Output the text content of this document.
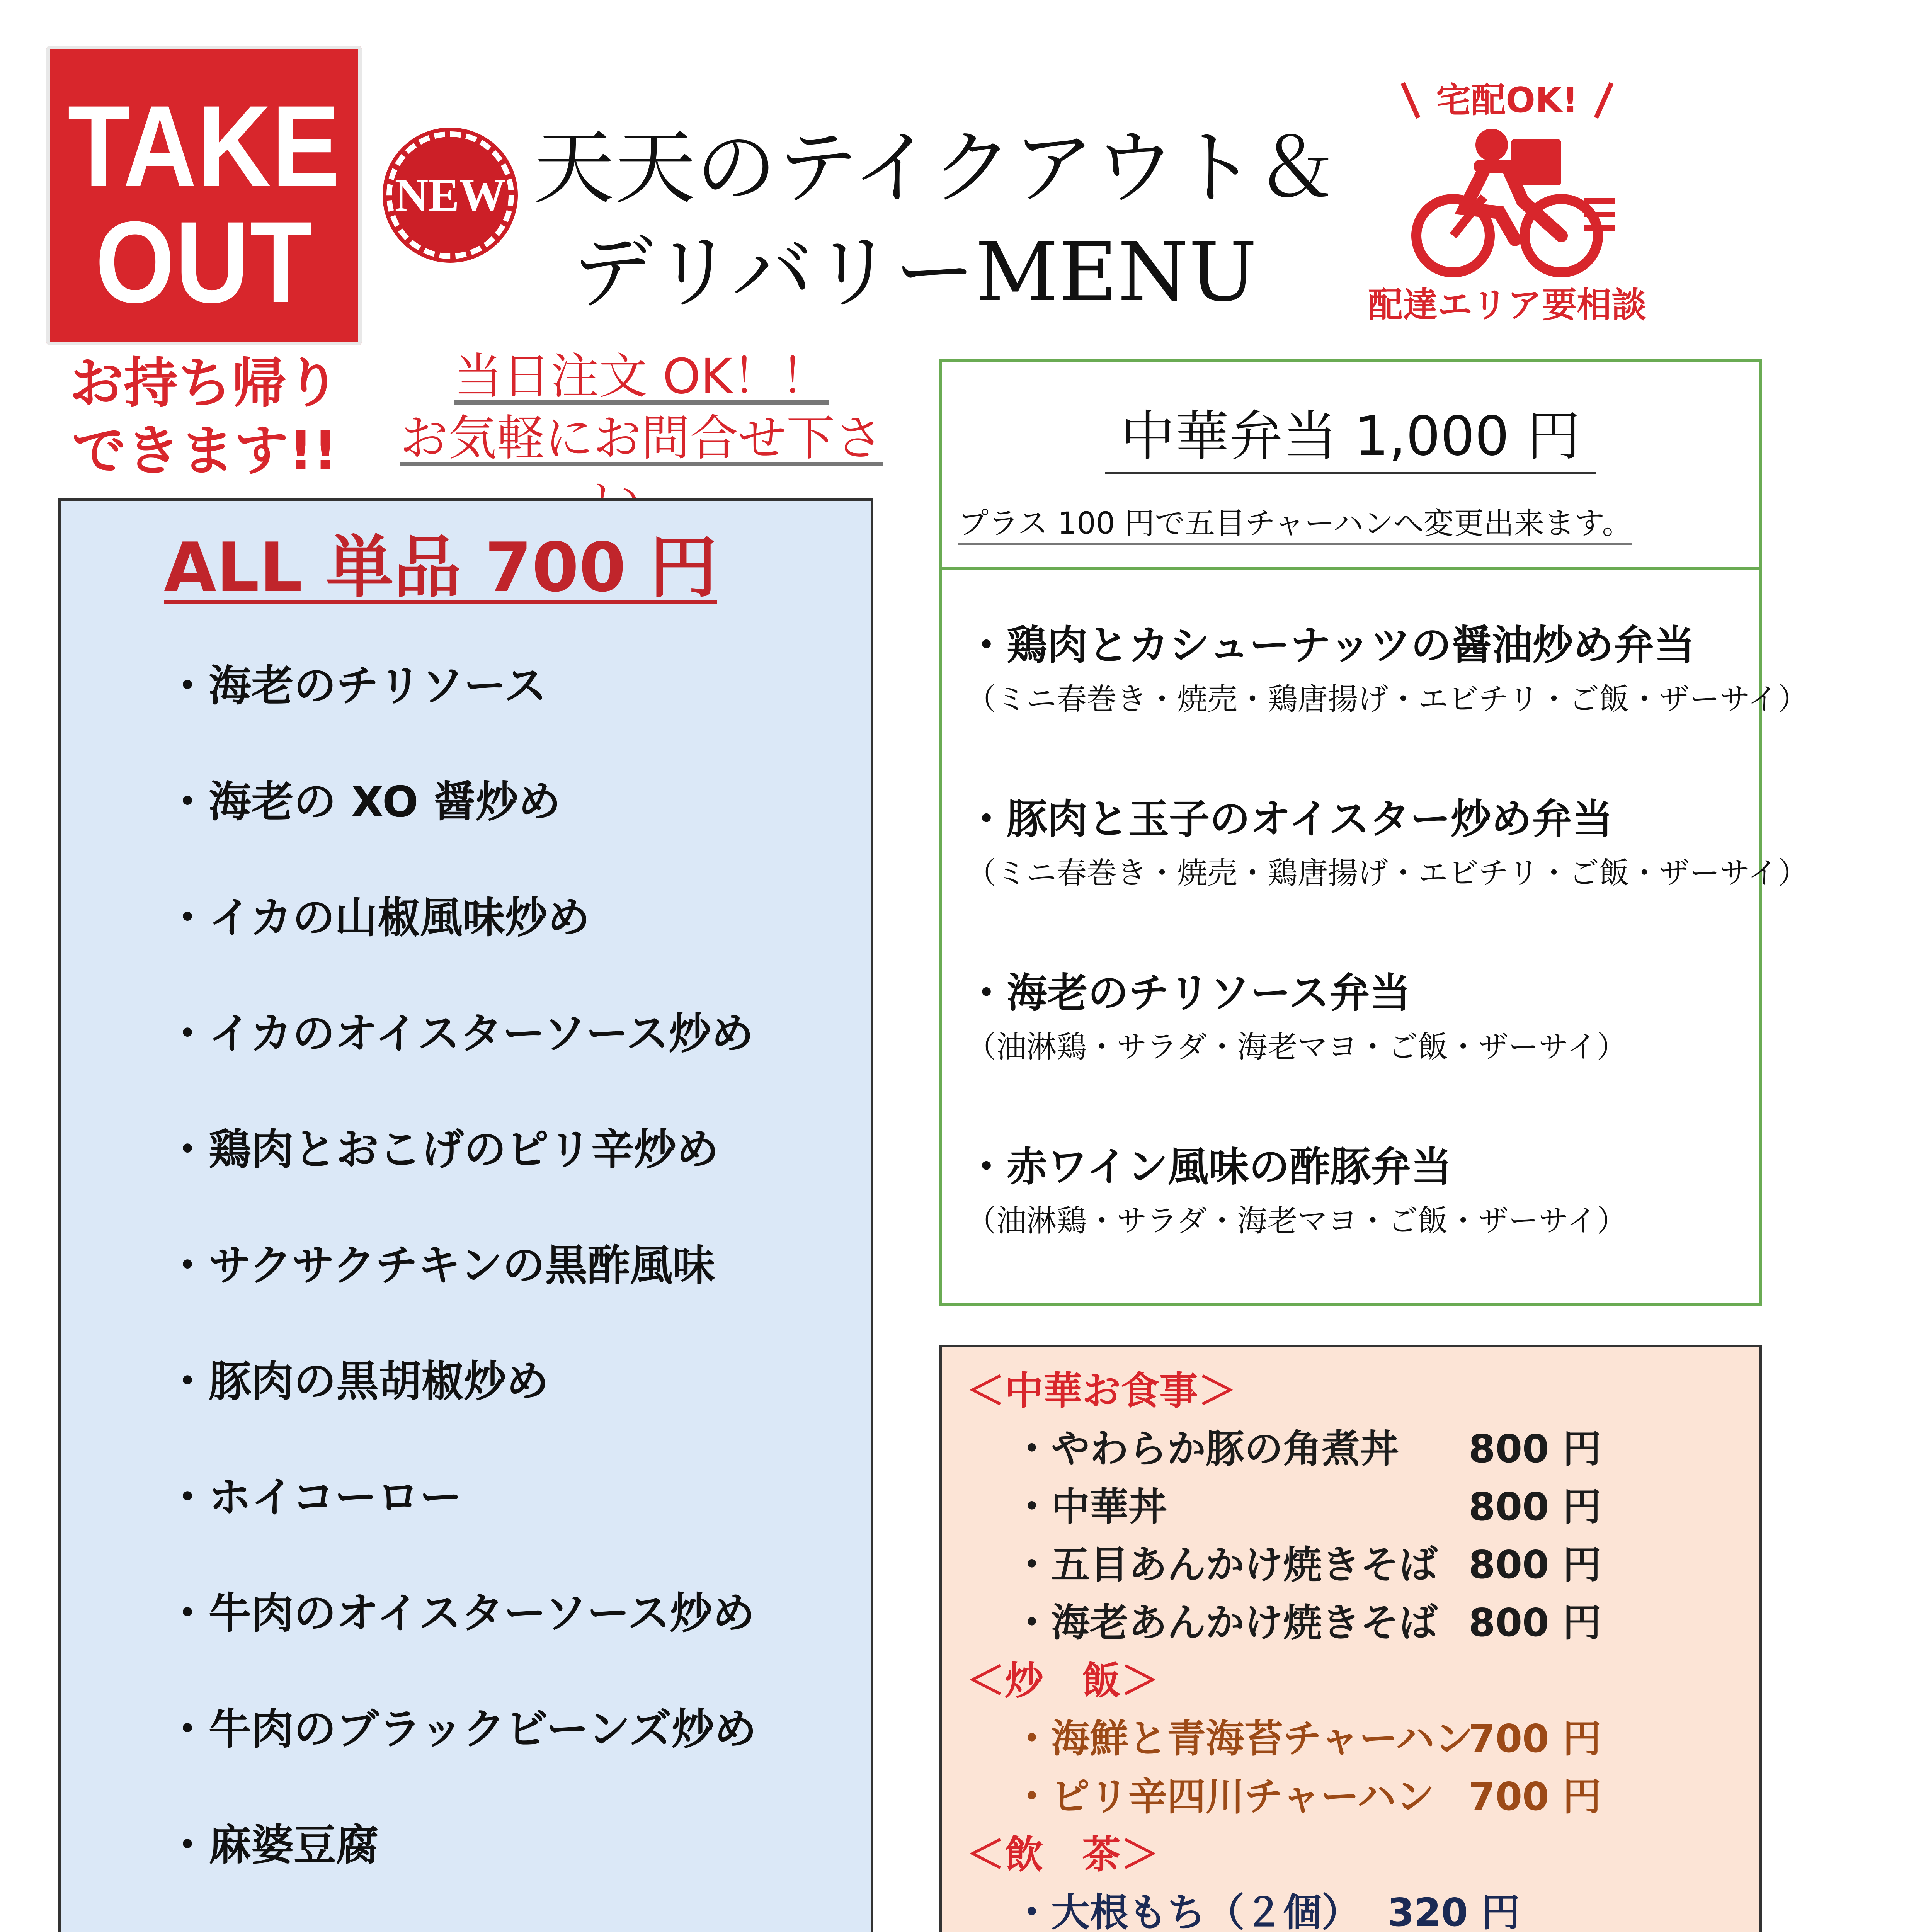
TAKE
OUT
お持ち帰り
できます!!
NEW 天天のテイクアウト＆
デリバリーMENU
宅配OK!
配達エリア要相談
当日注文 OK！！
お気軽にお問合せ下さ
ALL 単品 700 円
・海老のチリソース
・海老の XO 醤炒め
・イカの山椒風味炒め
・イカのオイスターソース炒め
・鶏肉とおこげのピリ辛炒め
・サクサクチキンの黒酢風味
・豚肉の黒胡椒炒め
・ホイコーロー
・牛肉のオイスターソース炒め
・牛肉のブラックビーンズ炒め
・麻婆豆腐
中華弁当 1,000 円
プラス 100 円で五目チャーハンへ変更出来ます。
・鶏肉とカシューナッツの醤油炒め弁当
（ミニ春巻き・焼売・鶏唐揚げ・エビチリ・ご飯・ザーサイ）
・豚肉と玉子のオイスター炒め弁当
（ミニ春巻き・焼売・鶏唐揚げ・エビチリ・ご飯・ザーサイ）
・海老のチリソース弁当
（油淋鶏・サラダ・海老マヨ・ご飯・ザーサイ）
・赤ワイン風味の酢豚弁当
（油淋鶏・サラダ・海老マヨ・ご飯・ザーサイ）
＜中華お食事＞
・やわらか豚の角煮丼 800 円
・中華丼	800 円
・五目あんかけ焼きそば 800 円
・海老あんかけ焼きそば 800 円
＜炒　飯＞
・海鮮と青海苔チャーハン
700 円
・ピリ辛四川チャーハン 700 円
＜飲　茶＞
・大根もち（２個） 320 円
